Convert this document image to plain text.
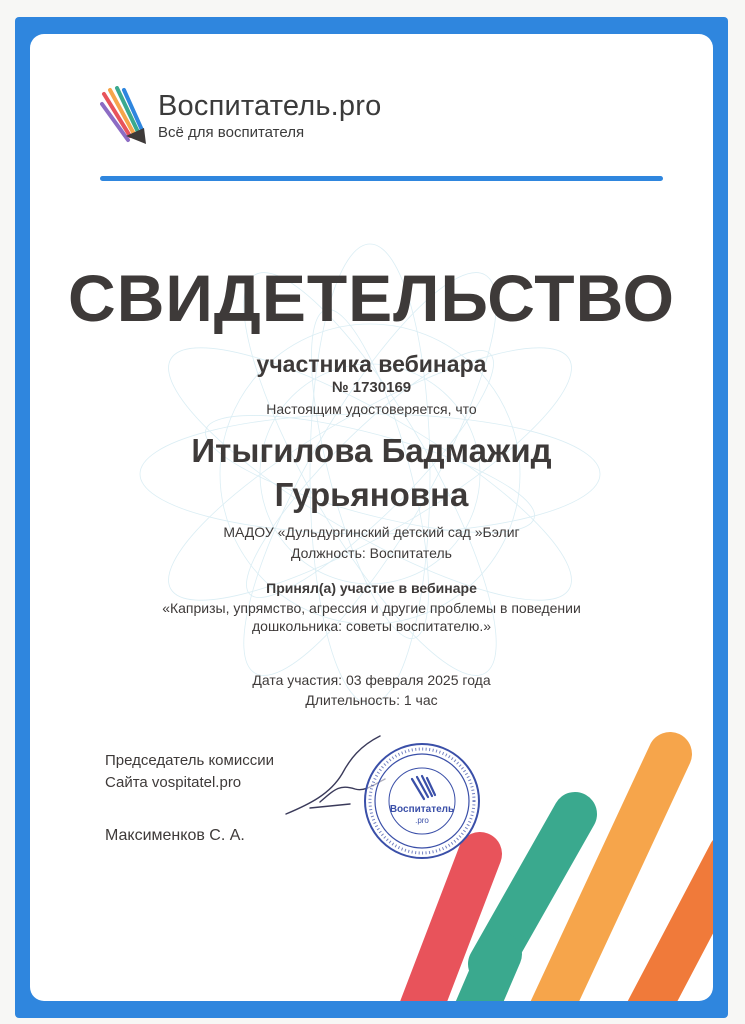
Воспитатель.pro
Всё для воспитателя
СВИДЕТЕЛЬСТВО
участника вебинара
№ 1730169
Настоящим удостоверяется, что
Итыгилова Бадмажид
Гурьяновна
МАДОУ «Дульдургинский детский сад »Бэлиг
Должность: Воспитатель
Принял(а) участие в вебинаре
«Капризы, упрямство, агрессия и другие проблемы в поведении
дошкольника: советы воспитателю.»
Дата участия: 03 февраля 2025 года
Длительность: 1 час
Председатель комиссии
Сайта vospitatel.pro
Максименков С. А.
Воспитатель
.pro
